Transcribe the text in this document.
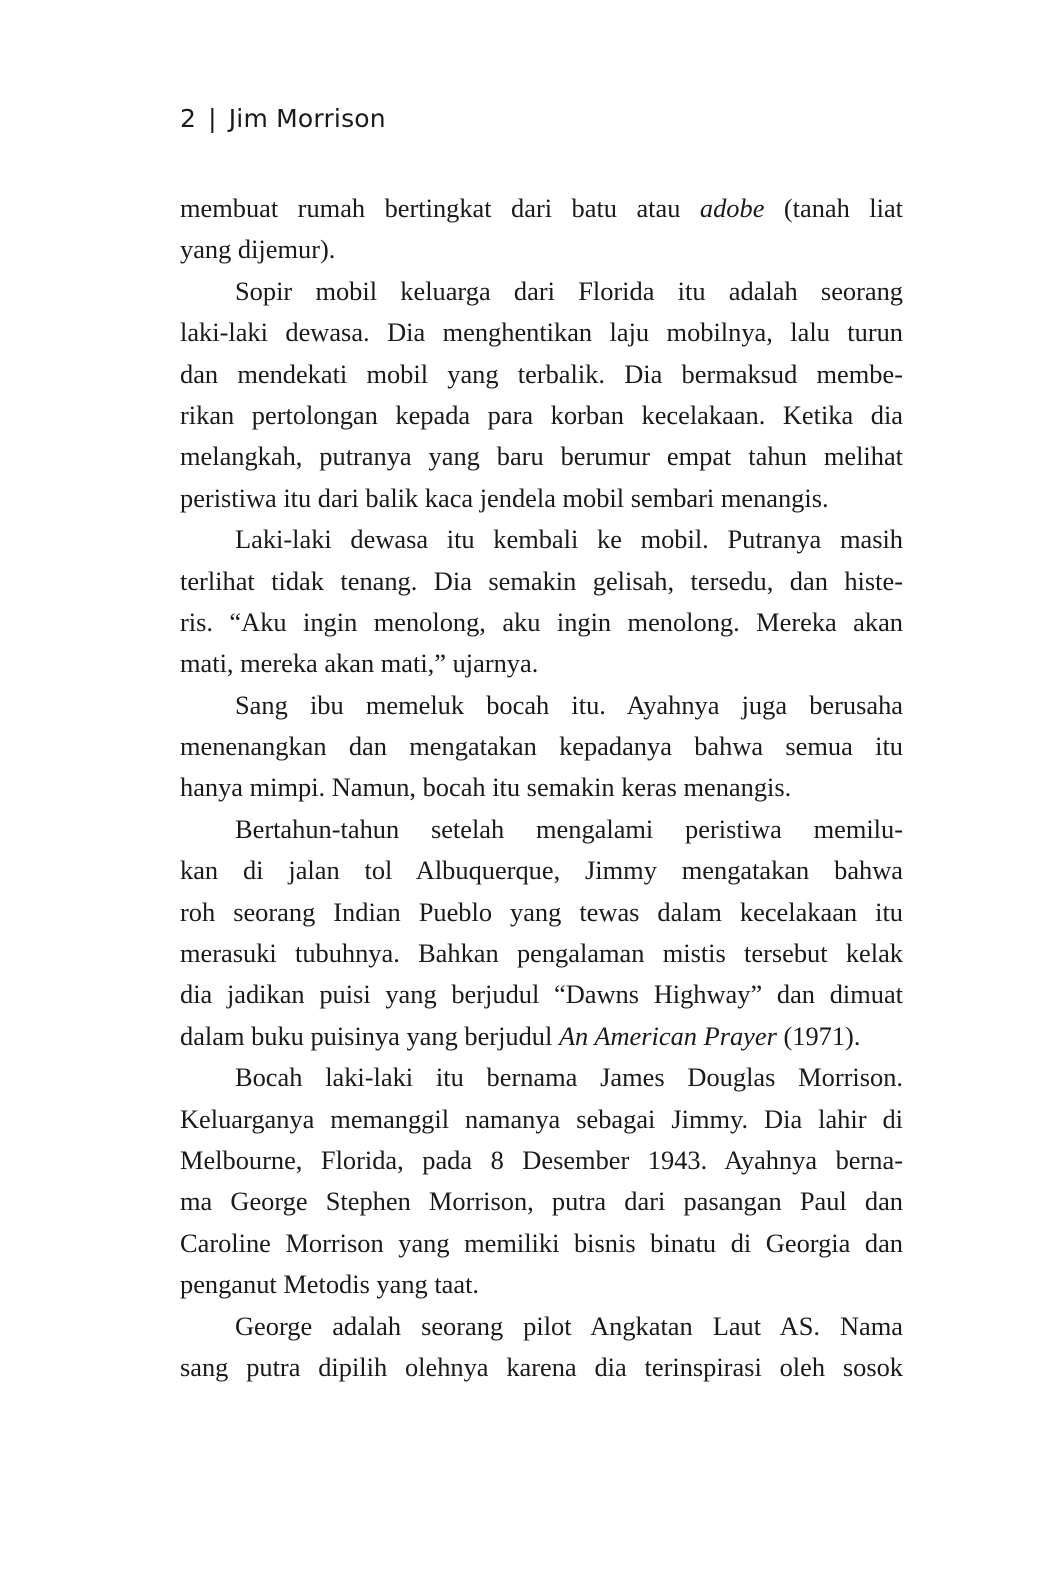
2 | Jim Morrison
membuat rumah bertingkat dari batu atau adobe (tanah liat
yang dijemur).
Sopir mobil keluarga dari Florida itu adalah seorang
laki-laki dewasa. Dia menghentikan laju mobilnya, lalu turun
dan mendekati mobil yang terbalik. Dia bermaksud membe-
rikan pertolongan kepada para korban kecelakaan. Ketika dia
melangkah, putranya yang baru berumur empat tahun melihat
peristiwa itu dari balik kaca jendela mobil sembari menangis.
Laki-laki dewasa itu kembali ke mobil. Putranya masih
terlihat tidak tenang. Dia semakin gelisah, tersedu, dan histe-
ris. “Aku ingin menolong, aku ingin menolong. Mereka akan
mati, mereka akan mati,” ujarnya.
Sang ibu memeluk bocah itu. Ayahnya juga berusaha
menenangkan dan mengatakan kepadanya bahwa semua itu
hanya mimpi. Namun, bocah itu semakin keras menangis.
Bertahun-tahun setelah mengalami peristiwa memilu-
kan di jalan tol Albuquerque, Jimmy mengatakan bahwa
roh seorang Indian Pueblo yang tewas dalam kecelakaan itu
merasuki tubuhnya. Bahkan pengalaman mistis tersebut kelak
dia jadikan puisi yang berjudul “Dawns Highway” dan dimuat
dalam buku puisinya yang berjudul An American Prayer (1971).
Bocah laki-laki itu bernama James Douglas Morrison.
Keluarganya memanggil namanya sebagai Jimmy. Dia lahir di
Melbourne, Florida, pada 8 Desember 1943. Ayahnya berna-
ma George Stephen Morrison, putra dari pasangan Paul dan
Caroline Morrison yang memiliki bisnis binatu di Georgia dan
penganut Metodis yang taat.
George adalah seorang pilot Angkatan Laut AS. Nama
sang putra dipilih olehnya karena dia terinspirasi oleh sosok
